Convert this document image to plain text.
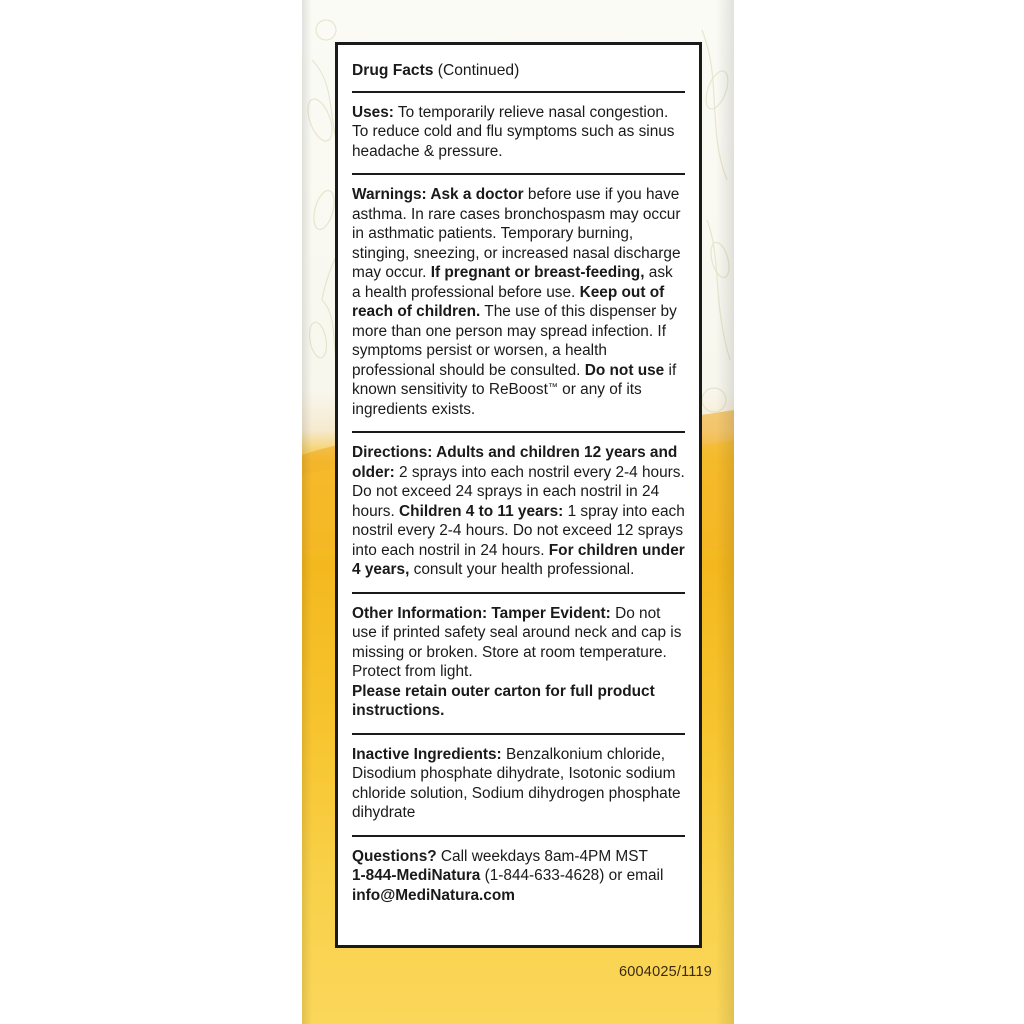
Drug Facts (Continued)

Uses: To temporarily relieve nasal congestion. To reduce cold and flu symptoms such as sinus headache & pressure.

Warnings: Ask a doctor before use if you have asthma. In rare cases bronchospasm may occur in asthmatic patients. Temporary burning, stinging, sneezing, or increased nasal discharge may occur. If pregnant or breast-feeding, ask a health professional before use. Keep out of reach of children. The use of this dispenser by more than one person may spread infection. If symptoms persist or worsen, a health professional should be consulted. Do not use if known sensitivity to ReBoost™ or any of its ingredients exists.

Directions: Adults and children 12 years and older: 2 sprays into each nostril every 2-4 hours. Do not exceed 24 sprays in each nostril in 24 hours. Children 4 to 11 years: 1 spray into each nostril every 2-4 hours. Do not exceed 12 sprays into each nostril in 24 hours. For children under 4 years, consult your health professional.

Other Information: Tamper Evident: Do not use if printed safety seal around neck and cap is missing or broken. Store at room temperature. Protect from light.

Please retain outer carton for full product instructions.

Inactive Ingredients: Benzalkonium chloride, Disodium phosphate dihydrate, Isotonic sodium chloride solution, Sodium dihydrogen phosphate dihydrate

Questions? Call weekdays 8am-4PM MST
1-844-MediNatura (1-844-633-4628) or email info@MediNatura.com

6004025/1119
